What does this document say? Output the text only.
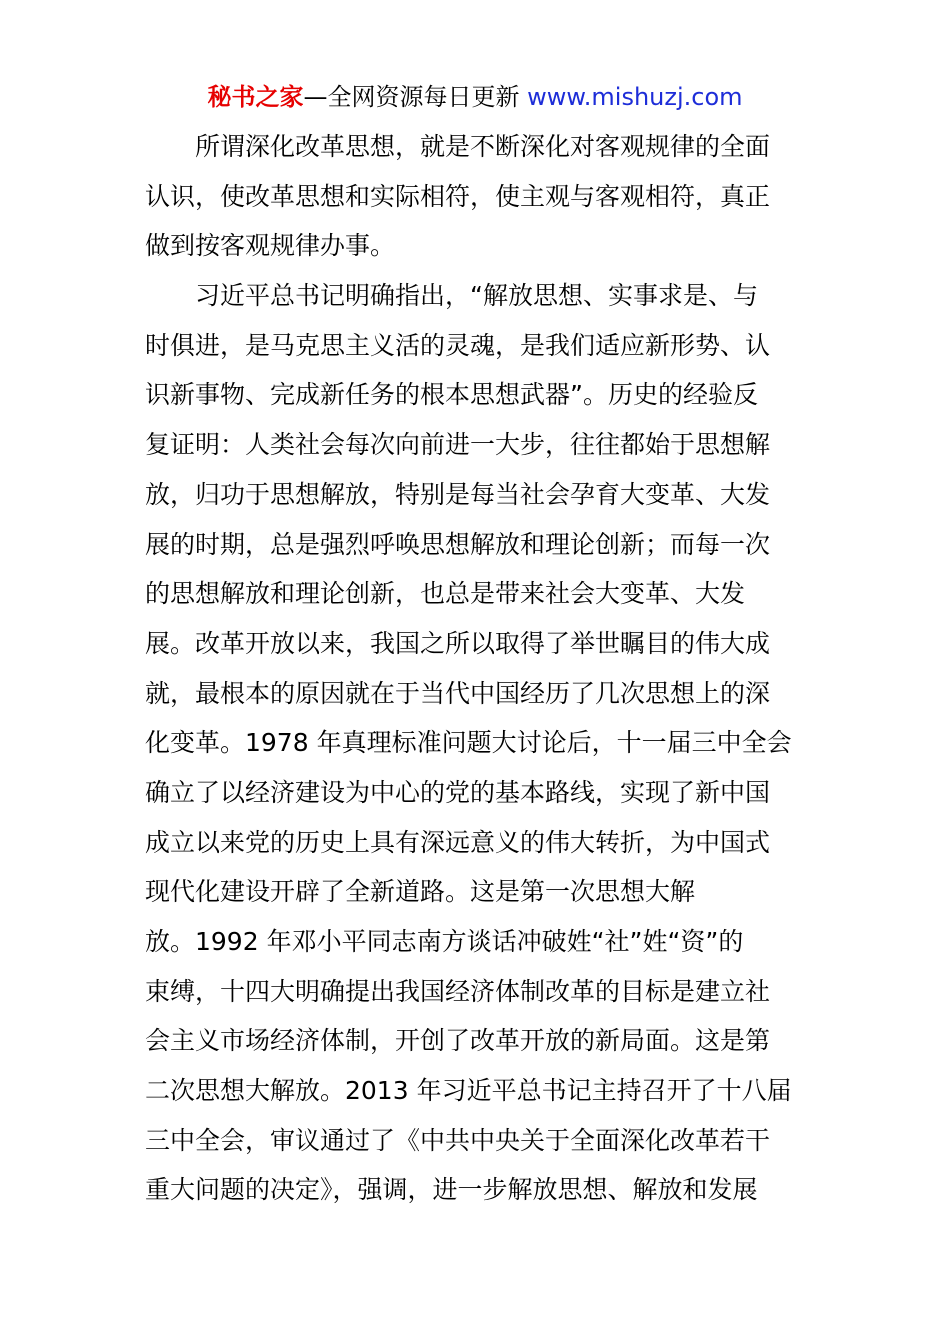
秘书之家—全网资源每日更新 www.mishuzj.com
所谓深化改革思想，就是不断深化对客观规律的全面
认识，使改革思想和实际相符，使主观与客观相符，真正
做到按客观规律办事。
习近平总书记明确指出，“解放思想、实事求是、与
时俱进，是马克思主义活的灵魂，是我们适应新形势、认
识新事物、完成新任务的根本思想武器”。历史的经验反
复证明：人类社会每次向前进一大步，往往都始于思想解
放，归功于思想解放，特别是每当社会孕育大变革、大发
展的时期，总是强烈呼唤思想解放和理论创新；而每一次
的思想解放和理论创新，也总是带来社会大变革、大发
展。改革开放以来，我国之所以取得了举世瞩目的伟大成
就，最根本的原因就在于当代中国经历了几次思想上的深
化变革。1978 年真理标准问题大讨论后，十一届三中全会
确立了以经济建设为中心的党的基本路线，实现了新中国
成立以来党的历史上具有深远意义的伟大转折，为中国式
现代化建设开辟了全新道路。这是第一次思想大解
放。1992 年邓小平同志南方谈话冲破姓“社”姓“资”的
束缚，十四大明确提出我国经济体制改革的目标是建立社
会主义市场经济体制，开创了改革开放的新局面。这是第
二次思想大解放。2013 年习近平总书记主持召开了十八届
三中全会，审议通过了《中共中央关于全面深化改革若干
重大问题的决定》，强调，进一步解放思想、解放和发展
